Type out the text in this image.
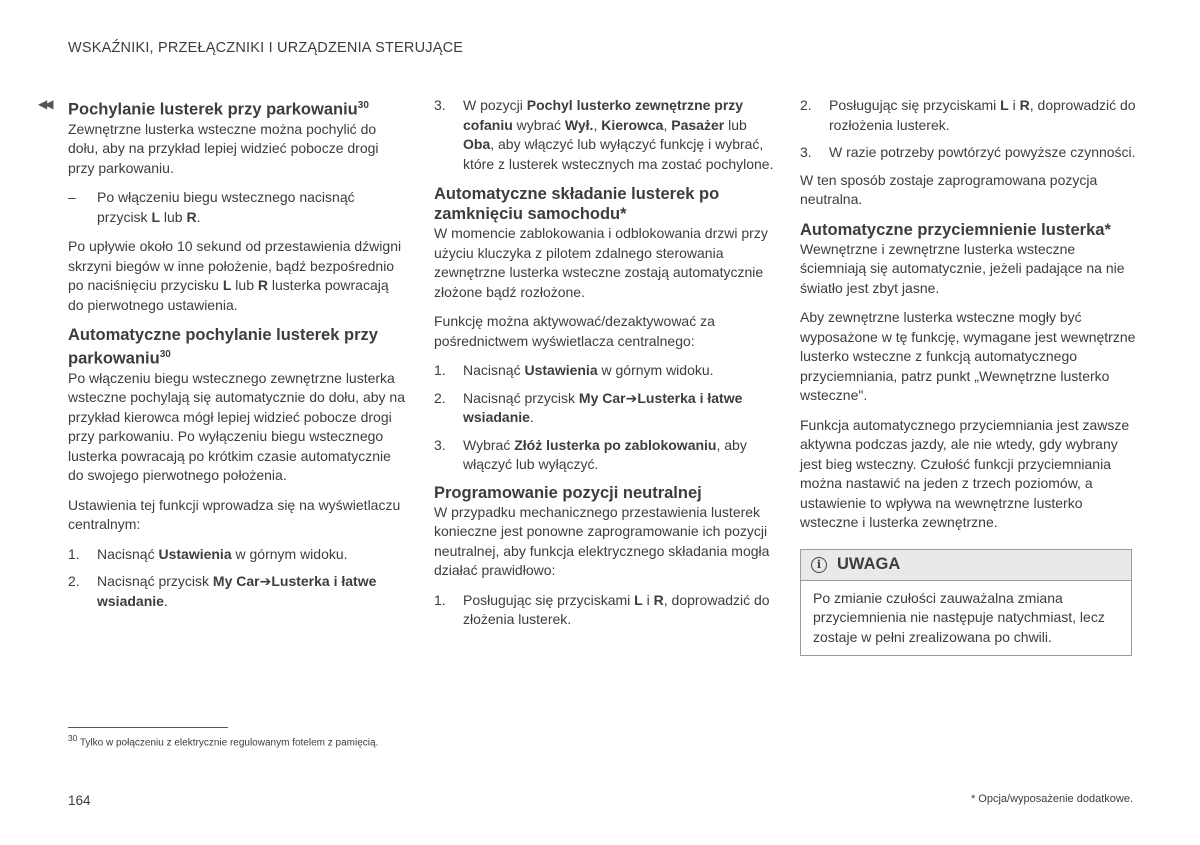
WSKAŹNIKI, PRZEŁĄCZNIKI I URZĄDZENIA STERUJĄCE
◀◀ Pochylanie lusterek przy parkowaniu$^{30}$

Zewnętrzne lusterka wsteczne można pochylić do dołu, aby na przykład lepiej widzieć pobocze drogi przy parkowaniu.

– Po włączeniu biegu wstecznego nacisnąć przycisk L lub R.

Po upływie około 10 sekund od przestawienia dźwigni skrzyni biegów w inne położenie, bądź bezpośrednio po naciśnięciu przycisku L lub R lusterka powracają do pierwotnego ustawienia.

Automatyczne pochylanie lusterek przy parkowaniu$^{30}$

Po włączeniu biegu wstecznego zewnętrzne lusterka wsteczne pochylają się automatycznie do dołu, aby na przykład kierowca mógł lepiej widzieć pobocze drogi przy parkowaniu. Po wyłączeniu biegu wstecznego lusterka powracają po krótkim czasie automatycznie do swojego pierwotnego położenia.

Ustawienia tej funkcji wprowadza się na wyświetlaczu centralnym:

1. Nacisnąć Ustawienia w górnym widoku.
2. Nacisnąć przycisk My Car➔Lusterka i łatwe wsiadanie.
3. W pozycji Pochyl lusterko zewnętrzne przy cofaniu wybrać Wył., Kierowca, Pasażer lub Oba, aby włączyć lub wyłączyć funkcję i wybrać, które z lusterek wstecznych ma zostać pochylone.
Automatyczne składanie lusterek po zamknięciu samochodu*

W momencie zablokowania i odblokowania drzwi przy użyciu kluczyka z pilotem zdalnego sterowania zewnętrzne lusterka wsteczne zostają automatycznie złożone bądź rozłożone.

Funkcję można aktywować/dezaktywować za pośrednictwem wyświetlacza centralnego:

1. Nacisnąć Ustawienia w górnym widoku.
2. Nacisnąć przycisk My Car➔Lusterka i łatwe wsiadanie.
3. Wybrać Złóż lusterka po zablokowaniu, aby włączyć lub wyłączyć.
Programowanie pozycji neutralnej

W przypadku mechanicznego przestawienia lusterek konieczne jest ponowne zaprogramowanie ich pozycji neutralnej, aby funkcja elektrycznego składania mogła działać prawidłowo:

1. Posługując się przyciskami L i R, doprowadzić do złożenia lusterek.
2. Posługując się przyciskami L i R, doprowadzić do rozłożenia lusterek.
3. W razie potrzeby powtórzyć powyższe czynności.

W ten sposób zostaje zaprogramowana pozycja neutralna.

Automatyczne przyciemnienie lusterka*

Wewnętrzne i zewnętrzne lusterka wsteczne ściemniają się automatycznie, jeżeli padające na nie światło jest zbyt jasne.

Aby zewnętrzne lusterka wsteczne mogły być wyposażone w tę funkcję, wymagane jest wewnętrzne lusterko wsteczne z funkcją automatycznego przyciemniania, patrz punkt „Wewnętrzne lusterko wsteczne".

Funkcja automatycznego przyciemniania jest zawsze aktywna podczas jazdy, ale nie wtedy, gdy wybrany jest bieg wsteczny. Czułość funkcji przyciemniania można nastawić na jeden z trzech poziomów, a ustawienie to wpływa na wewnętrzne lusterko wsteczne i lusterka zewnętrzne.

i UWAGA
Po zmianie czułości zauważalna zmiana przyciemnienia nie następuje natychmiast, lecz zostaje w pełni zrealizowana po chwili.
$^{30}$ Tylko w połączeniu z elektrycznie regulowanym fotelem z pamięcią.
164	* Opcja/wyposażenie dodatkowe.
